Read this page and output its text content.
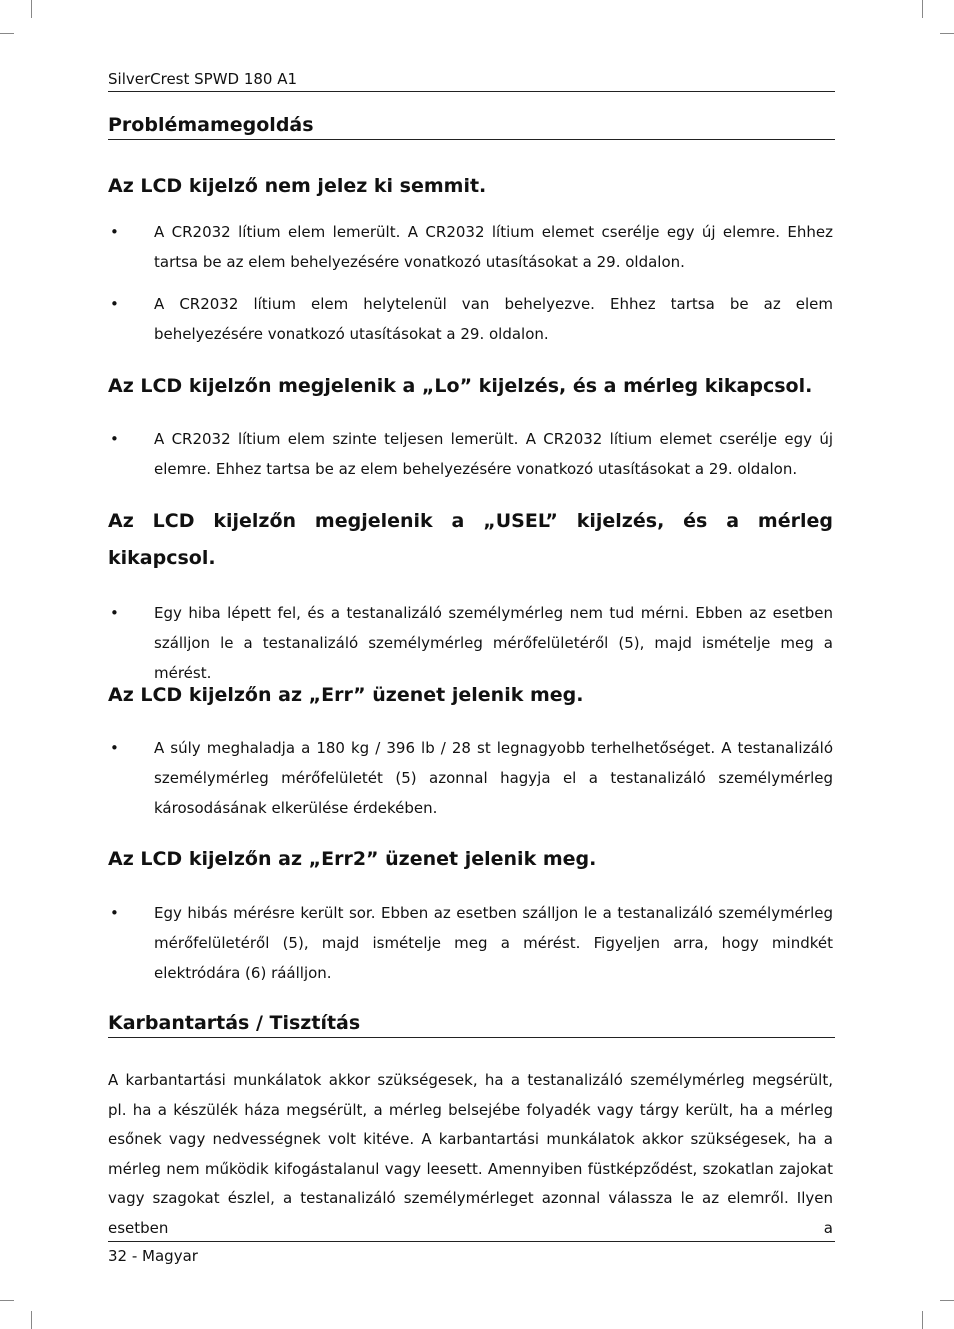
SilverCrest SPWD 180 A1
Problémamegoldás
Az LCD kijelző nem jelez ki semmit.
• A CR2032 lítium elem lemerült. A CR2032 lítium elemet cserélje egy új elemre. Ehhez tartsa be az elem behelyezésére vonatkozó utasításokat a 29. oldalon.
• A CR2032 lítium elem helytelenül van behelyezve. Ehhez tartsa be az elem behelyezésére vonatkozó utasításokat a 29. oldalon.
Az LCD kijelzőn megjelenik a „Lo” kijelzés, és a mérleg kikapcsol.
• A CR2032 lítium elem szinte teljesen lemerült. A CR2032 lítium elemet cserélje egy új elemre. Ehhez tartsa be az elem behelyezésére vonatkozó utasításokat a 29. oldalon.
Az LCD kijelzőn megjelenik a „USEL” kijelzés, és a mérleg kikapcsol.
• Egy hiba lépett fel, és a testanalizáló személymérleg nem tud mérni. Ebben az esetben szálljon le a testanalizáló személymérleg mérőfelületéről (5), majd ismételje meg a mérést.
Az LCD kijelzőn az „Err” üzenet jelenik meg.
• A súly meghaladja a 180 kg / 396 lb / 28 st legnagyobb terhelhetőséget. A testanalizáló személymérleg mérőfelületét (5) azonnal hagyja el a testanalizáló személymérleg károsodásának elkerülése érdekében.
Az LCD kijelzőn az „Err2” üzenet jelenik meg.
• Egy hibás mérésre került sor. Ebben az esetben szálljon le a testanalizáló személymérleg mérőfelületéről (5), majd ismételje meg a mérést. Figyeljen arra, hogy mindkét elektródára (6) ráálljon.
Karbantartás / Tisztítás
A karbantartási munkálatok akkor szükségesek, ha a testanalizáló személymérleg megsérült, pl. ha a készülék háza megsérült, a mérleg belsejébe folyadék vagy tárgy került, ha a mérleg esőnek vagy nedvességnek volt kitéve. A karbantartási munkálatok akkor szükségesek, ha a mérleg nem működik kifogástalanul vagy leesett. Amennyiben füstképződést, szokatlan zajokat vagy szagokat észlel, a testanalizáló személymérleget azonnal válassza le az elemről. Ilyen esetben a
32 - Magyar
